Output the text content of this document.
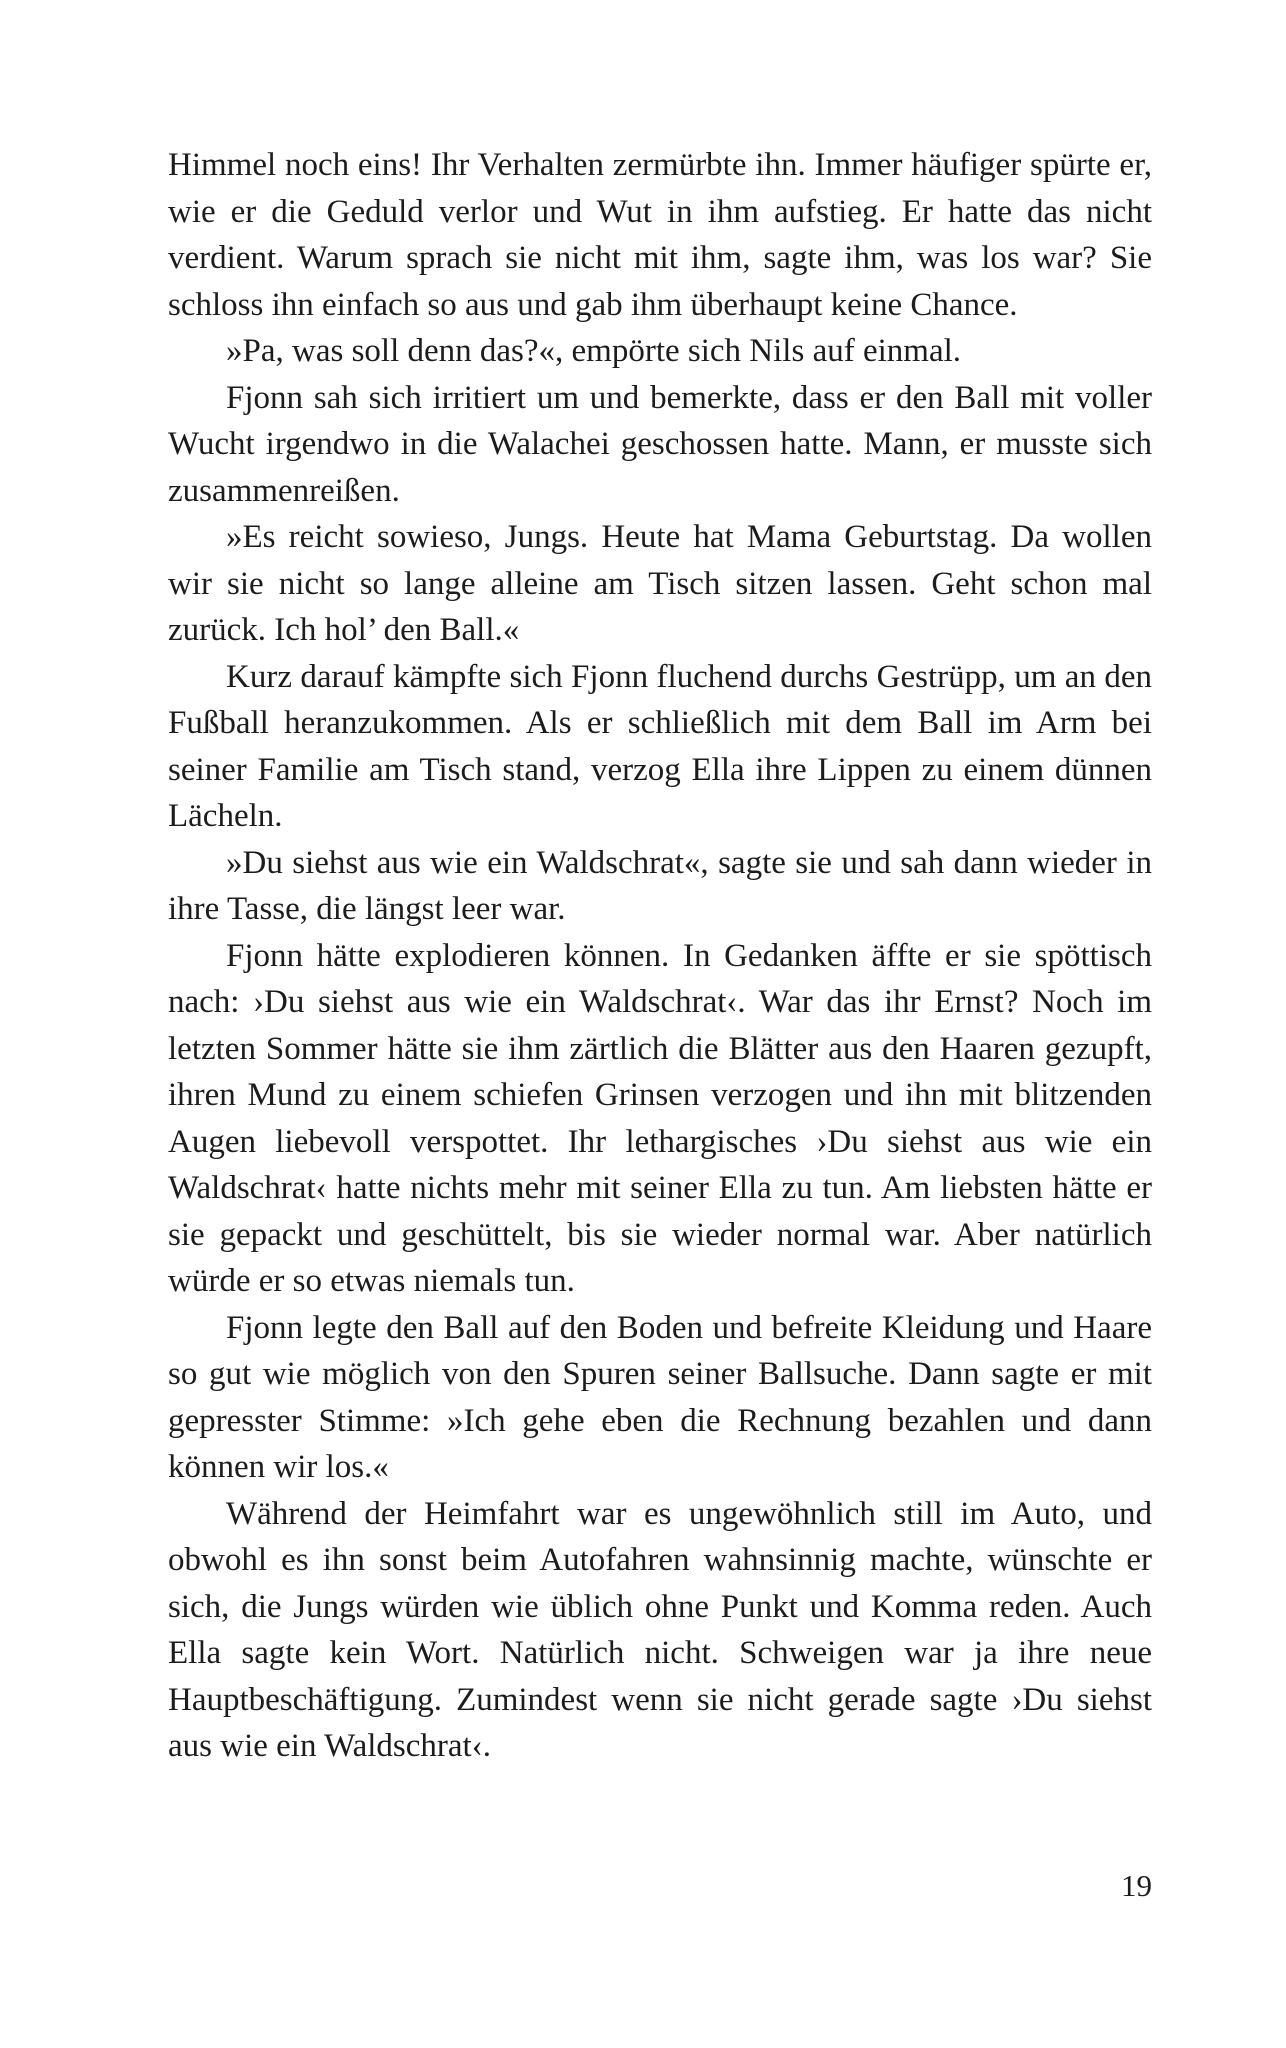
Himmel noch eins! Ihr Verhalten zermürbte ihn. Immer häufiger spürte er, wie er die Geduld verlor und Wut in ihm aufstieg. Er hatte das nicht verdient. Warum sprach sie nicht mit ihm, sagte ihm, was los war? Sie schloss ihn einfach so aus und gab ihm überhaupt keine Chance.

»Pa, was soll denn das?«, empörte sich Nils auf einmal.

Fjonn sah sich irritiert um und bemerkte, dass er den Ball mit voller Wucht irgendwo in die Walachei geschossen hatte. Mann, er musste sich zusammenreißen.

»Es reicht sowieso, Jungs. Heute hat Mama Geburtstag. Da wollen wir sie nicht so lange alleine am Tisch sitzen lassen. Geht schon mal zurück. Ich hol’ den Ball.«

Kurz darauf kämpfte sich Fjonn fluchend durchs Gestrüpp, um an den Fußball heranzukommen. Als er schließlich mit dem Ball im Arm bei seiner Familie am Tisch stand, verzog Ella ihre Lippen zu einem dünnen Lächeln.

»Du siehst aus wie ein Waldschrat«, sagte sie und sah dann wieder in ihre Tasse, die längst leer war.

Fjonn hätte explodieren können. In Gedanken äffte er sie spöttisch nach: ›Du siehst aus wie ein Waldschrat‹. War das ihr Ernst? Noch im letzten Sommer hätte sie ihm zärtlich die Blätter aus den Haaren gezupft, ihren Mund zu einem schiefen Grinsen verzogen und ihn mit blitzenden Augen liebevoll verspottet. Ihr lethargisches ›Du siehst aus wie ein Waldschrat‹ hatte nichts mehr mit seiner Ella zu tun. Am liebsten hätte er sie gepackt und geschüttelt, bis sie wieder normal war. Aber natürlich würde er so etwas niemals tun.

Fjonn legte den Ball auf den Boden und befreite Kleidung und Haare so gut wie möglich von den Spuren seiner Ballsuche. Dann sagte er mit gepresster Stimme: »Ich gehe eben die Rechnung bezahlen und dann können wir los.«

Während der Heimfahrt war es ungewöhnlich still im Auto, und obwohl es ihn sonst beim Autofahren wahnsinnig machte, wünschte er sich, die Jungs würden wie üblich ohne Punkt und Komma reden. Auch Ella sagte kein Wort. Natürlich nicht. Schweigen war ja ihre neue Hauptbeschäftigung. Zumindest wenn sie nicht gerade sagte ›Du siehst aus wie ein Waldschrat‹.

19
